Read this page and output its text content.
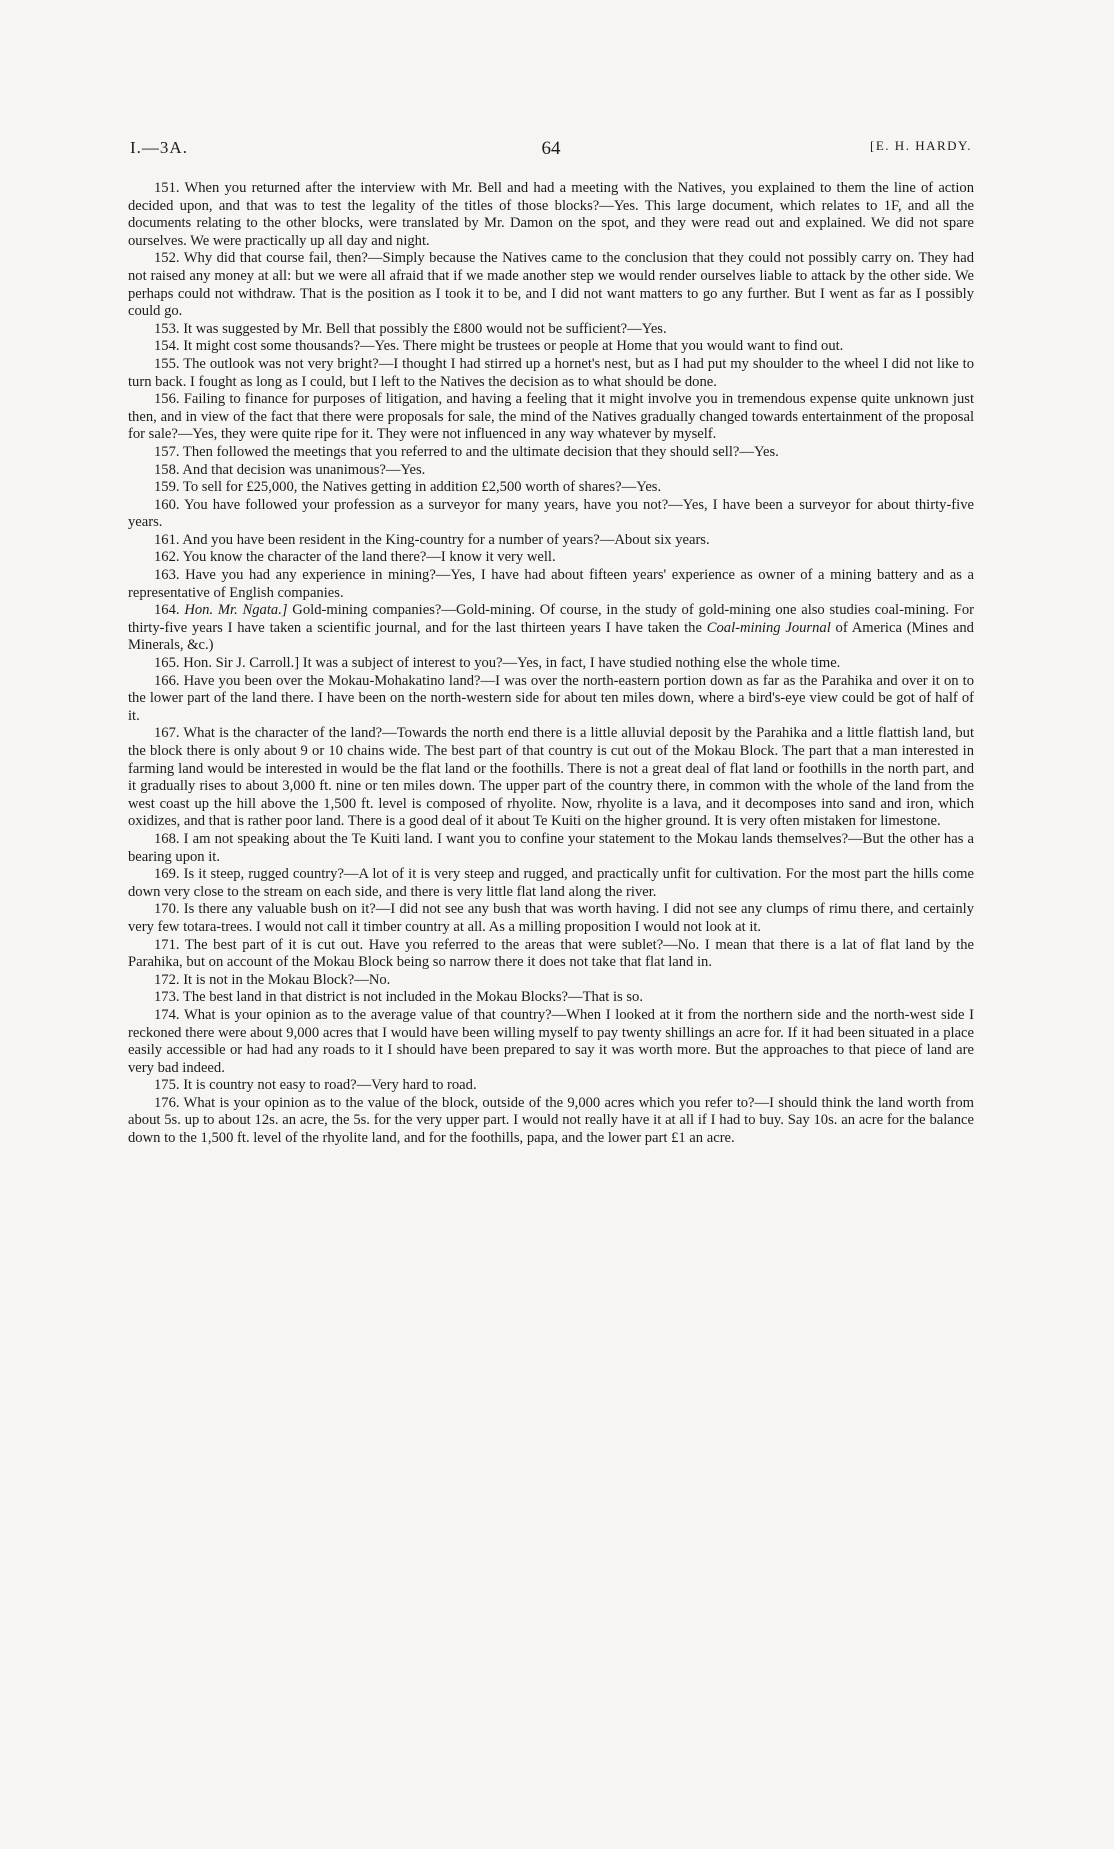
I.—3A.	64	[E. H. HARDY.

151. When you returned after the interview with Mr. Bell and had a meeting with the Natives, you explained to them the line of action decided upon, and that was to test the legality of the titles of those blocks?—Yes. This large document, which relates to 1F, and all the documents relating to the other blocks, were translated by Mr. Damon on the spot, and they were read out and explained. We did not spare ourselves. We were practically up all day and night.

152. Why did that course fail, then?—Simply because the Natives came to the conclusion that they could not possibly carry on. They had not raised any money at all: but we were all afraid that if we made another step we would render ourselves liable to attack by the other side. We perhaps could not withdraw. That is the position as I took it to be, and I did not want matters to go any further. But I went as far as I possibly could go.

153. It was suggested by Mr. Bell that possibly the £800 would not be sufficient?—Yes.

154. It might cost some thousands?—Yes. There might be trustees or people at Home that you would want to find out.

155. The outlook was not very bright?—I thought I had stirred up a hornet's nest, but as I had put my shoulder to the wheel I did not like to turn back. I fought as long as I could, but I left to the Natives the decision as to what should be done.

156. Failing to finance for purposes of litigation, and having a feeling that it might involve you in tremendous expense quite unknown just then, and in view of the fact that there were proposals for sale, the mind of the Natives gradually changed towards entertainment of the proposal for sale?—Yes, they were quite ripe for it. They were not influenced in any way whatever by myself.

157. Then followed the meetings that you referred to and the ultimate decision that they should sell?—Yes.

158. And that decision was unanimous?—Yes.

159. To sell for £25,000, the Natives getting in addition £2,500 worth of shares?—Yes.

160. You have followed your profession as a surveyor for many years, have you not?—Yes, I have been a surveyor for about thirty-five years.

161. And you have been resident in the King-country for a number of years?—About six years.

162. You know the character of the land there?—I know it very well.

163. Have you had any experience in mining?—Yes, I have had about fifteen years' experience as owner of a mining battery and as a representative of English companies.

164. Hon. Mr. Ngata.] Gold-mining companies?—Gold-mining. Of course, in the study of gold-mining one also studies coal-mining. For thirty-five years I have taken a scientific journal, and for the last thirteen years I have taken the Coal-mining Journal of America (Mines and Minerals, &c.)

165. Hon. Sir J. Carroll.] It was a subject of interest to you?—Yes, in fact, I have studied nothing else the whole time.

166. Have you been over the Mokau-Mohakatino land?—I was over the north-eastern portion down as far as the Parahika and over it on to the lower part of the land there. I have been on the north-western side for about ten miles down, where a bird's-eye view could be got of half of it.

167. What is the character of the land?—Towards the north end there is a little alluvial deposit by the Parahika and a little flattish land, but the block there is only about 9 or 10 chains wide. The best part of that country is cut out of the Mokau Block. The part that a man interested in farming land would be interested in would be the flat land or the foothills. There is not a great deal of flat land or foothills in the north part, and it gradually rises to about 3,000 ft. nine or ten miles down. The upper part of the country there, in common with the whole of the land from the west coast up the hill above the 1,500 ft. level is composed of rhyolite. Now, rhyolite is a lava, and it decomposes into sand and iron, which oxidizes, and that is rather poor land. There is a good deal of it about Te Kuiti on the higher ground. It is very often mistaken for limestone.

168. I am not speaking about the Te Kuiti land. I want you to confine your statement to the Mokau lands themselves?—But the other has a bearing upon it.

169. Is it steep, rugged country?—A lot of it is very steep and rugged, and practically unfit for cultivation. For the most part the hills come down very close to the stream on each side, and there is very little flat land along the river.

170. Is there any valuable bush on it?—I did not see any bush that was worth having. I did not see any clumps of rimu there, and certainly very few totara-trees. I would not call it timber country at all. As a milling proposition I would not look at it.

171. The best part of it is cut out. Have you referred to the areas that were sublet?—No. I mean that there is a lat of flat land by the Parahika, but on account of the Mokau Block being so narrow there it does not take that flat land in.

172. It is not in the Mokau Block?—No.

173. The best land in that district is not included in the Mokau Blocks?—That is so.

174. What is your opinion as to the average value of that country?—When I looked at it from the northern side and the north-west side I reckoned there were about 9,000 acres that I would have been willing myself to pay twenty shillings an acre for. If it had been situated in a place easily accessible or had had any roads to it I should have been prepared to say it was worth more. But the approaches to that piece of land are very bad indeed.

175. It is country not easy to road?—Very hard to road.

176. What is your opinion as to the value of the block, outside of the 9,000 acres which you refer to?—I should think the land worth from about 5s. up to about 12s. an acre, the 5s. for the very upper part. I would not really have it at all if I had to buy. Say 10s. an acre for the balance down to the 1,500 ft. level of the rhyolite land, and for the foothills, papa, and the lower part £1 an acre.
